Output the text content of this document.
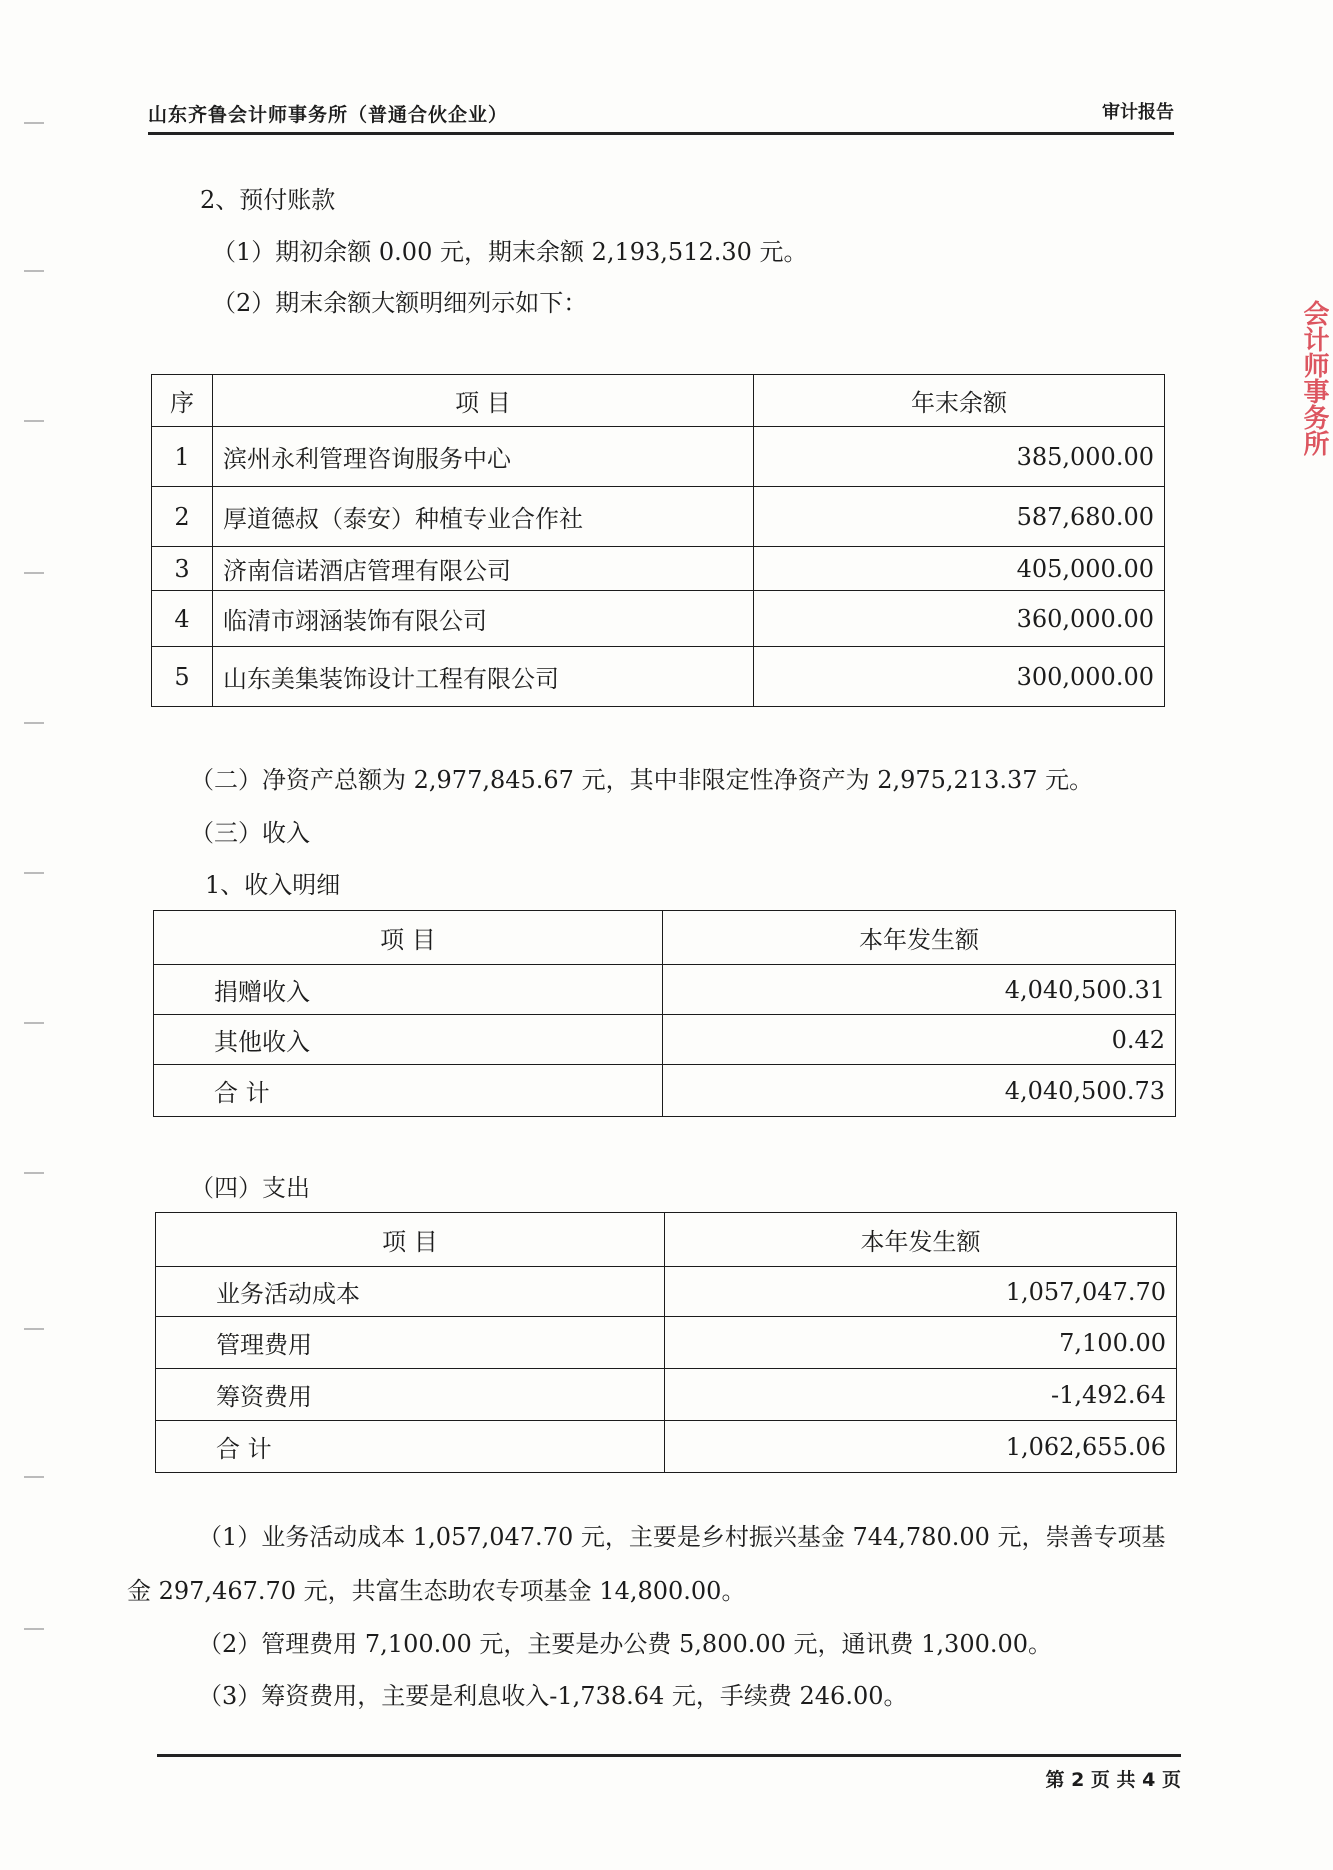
山东齐鲁会计师事务所（普通合伙企业）	审计报告
会计师事务所
2、预付账款
（1）期初余额 0.00 元，期末余额 2,193,512.30 元。
（2）期末余额大额明细列示如下：
序	项 目	年末余额
1	滨州永利管理咨询服务中心	385,000.00
2	厚道德叔（泰安）种植专业合作社	587,680.00
3	济南信诺酒店管理有限公司	405,000.00
4	临清市翊涵装饰有限公司	360,000.00
5	山东美集装饰设计工程有限公司	300,000.00
（二）净资产总额为 2,977,845.67 元，其中非限定性净资产为 2,975,213.37 元。
（三）收入
1、收入明细
项 目	本年发生额
捐赠收入	4,040,500.31
其他收入	0.42
合 计	4,040,500.73
（四）支出
项 目	本年发生额
业务活动成本	1,057,047.70
管理费用	7,100.00
筹资费用	-1,492.64
合 计	1,062,655.06
（1）业务活动成本 1,057,047.70 元，主要是乡村振兴基金 744,780.00 元，崇善专项基
金 297,467.70 元，共富生态助农专项基金 14,800.00。
（2）管理费用 7,100.00 元，主要是办公费 5,800.00 元，通讯费 1,300.00。
（3）筹资费用，主要是利息收入-1,738.64 元，手续费 246.00。
第 2 页 共 4 页
